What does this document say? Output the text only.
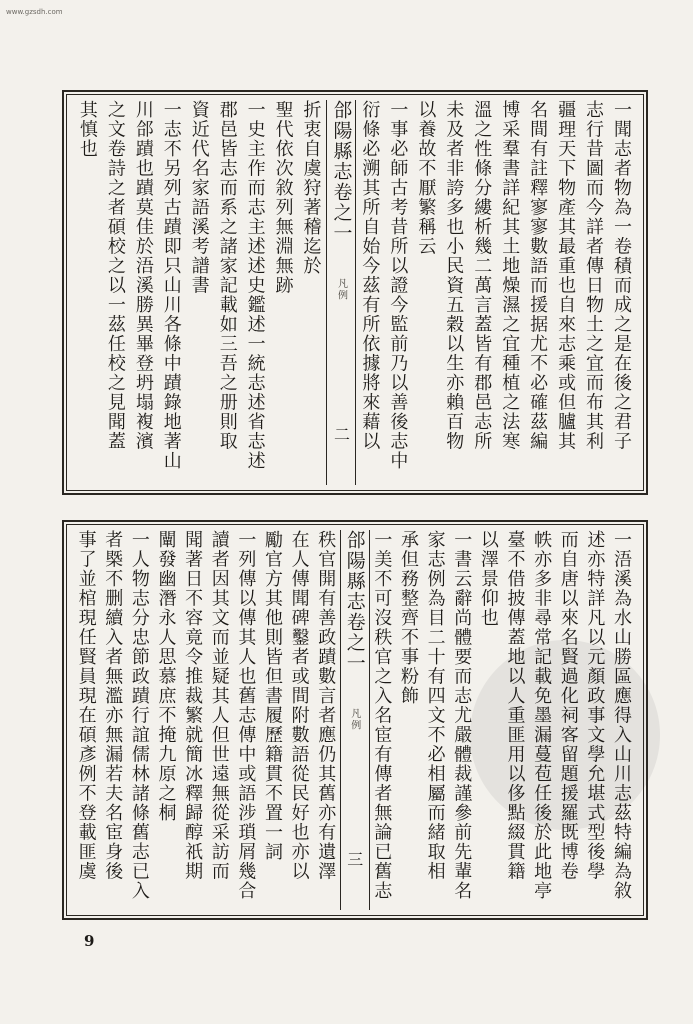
www.gzsdh.com
一聞志者物為一卷積而成之是在後之君子
志行昔圖而今詳者傳日物土之宜而布其利
疆理天下物產其最重也自來志乘或但臚其
名間有註釋寥寥數語而援据尤不必確茲編
博采羣書詳紀其土地燥濕之宜種植之法寒
溫之性條分縷析幾二萬言蓋皆有郡邑志所
未及者非誇多也小民資五穀以生亦賴百物
以養故不厭繁稱云
一事必師古考昔所以證今監前乃以善後志中
衍條必溯其所自始今茲有所依據將來藉以
郃陽縣志卷之一
凡例
二
折衷自虞狩著稽迄於
聖代依次敘列無淵無跡
一史主作而志主述述史鑑述一統志述省志述
郡邑皆志而系之諸家記載如三吾之册則取
資近代名家語溪考譜書
一志不另列古蹟即只山川各條中蹟錄地著山
川郃蹟也蹟莫佳於浯溪勝異畢登坍塌複濱
之文卷詩之者碩校之以一茲任校之見聞蓋
其慎也
一浯溪為水山勝區應得入山川志茲特編為敘
述亦特詳凡以元顏政事文學允堪式型後學
而自唐以來名賢過化祠客留題援羅既博卷
帙亦多非尋常記載免墨漏蔓苞任後於此地亭
臺不借披傳蓋地以人重匪用以侈點綴貫籍
以澤景仰也
一書云辭尚體要而志尤嚴體裁謹參前先輩名
家志例為目二十有四文不必相屬而緒取相
承但務整齊不事粉飾
一美不可沒秩官之入名宦有傳者無論已舊志
郃陽縣志卷之一
凡例
三
秩官開有善政蹟數言者應仍其舊亦有遺澤
在人傳聞碑鑿者或間附數語從民好也亦以
勵官方其他則皆但書履歷籍貫不置一詞
一列傳以傳其人也舊志傳中或語涉瑣屑幾合
讀者因其文而並疑其人但世遠無從采訪而
聞著日不容竟令推裁繁就簡冰釋歸醇祇期
闡發幽潛永人思慕庶不掩九原之桐
一人物志分忠節政蹟行誼儒林諸條舊志已入
者槩不删續入者無濫亦無漏若夫名宦身後
事了並棺現任賢員現在碩彥例不登載匪虞
9
